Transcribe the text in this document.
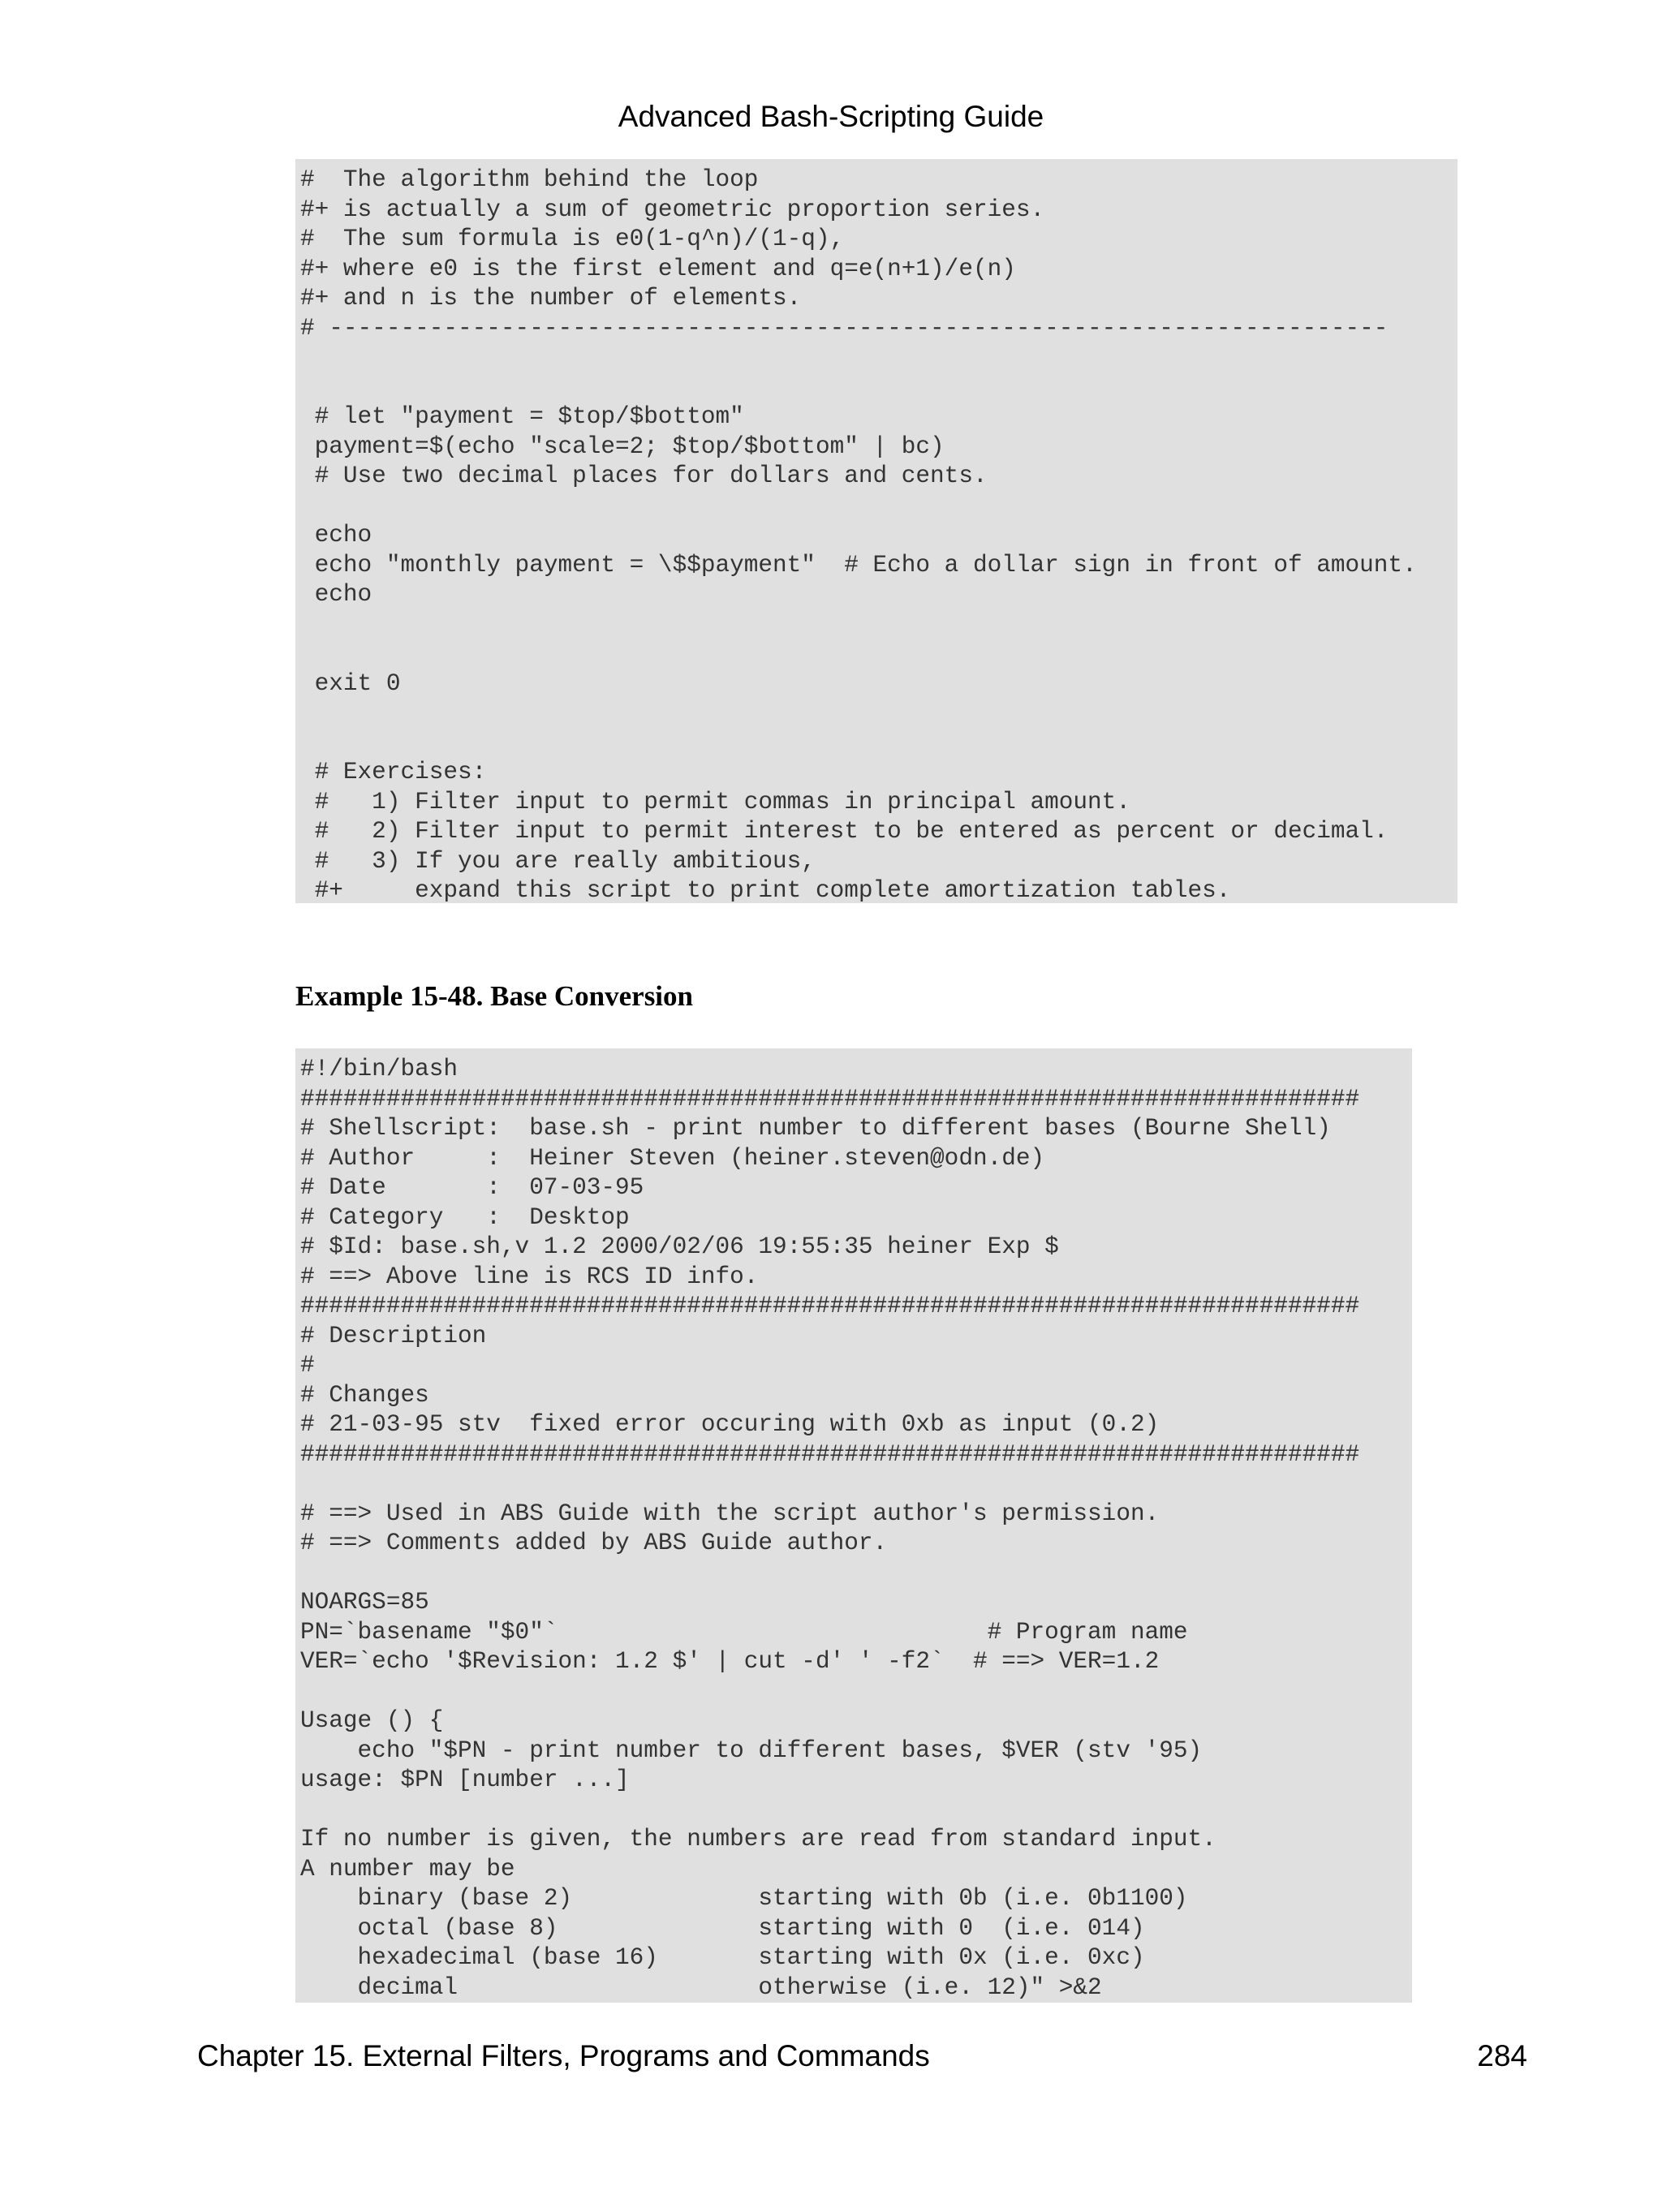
Advanced Bash-Scripting Guide
#  The algorithm behind the loop
#+ is actually a sum of geometric proportion series.
#  The sum formula is e0(1-q^n)/(1-q),
#+ where e0 is the first element and q=e(n+1)/e(n)
#+ and n is the number of elements.
# --------------------------------------------------------------------------

# let "payment = $top/$bottom"
payment=$(echo "scale=2; $top/$bottom" | bc)
# Use two decimal places for dollars and cents.

echo
echo "monthly payment = \$$payment"  # Echo a dollar sign in front of amount.
echo

exit 0

# Exercises:
#   1) Filter input to permit commas in principal amount.
#   2) Filter input to permit interest to be entered as percent or decimal.
#   3) If you are really ambitious,
#+     expand this script to print complete amortization tables.
Example 15-48. Base Conversion
#!/bin/bash
##########################################################################
# Shellscript:  base.sh - print number to different bases (Bourne Shell)
# Author     :  Heiner Steven (heiner.steven@odn.de)
# Date       :  07-03-95
# Category   :  Desktop
# $Id: base.sh,v 1.2 2000/02/06 19:55:35 heiner Exp $
# ==> Above line is RCS ID info.
##########################################################################
# Description
#
# Changes
# 21-03-95 stv  fixed error occuring with 0xb as input (0.2)
##########################################################################

# ==> Used in ABS Guide with the script author's permission.
# ==> Comments added by ABS Guide author.

NOARGS=85
PN=`basename "$0"`                              # Program name
VER=`echo '$Revision: 1.2 $' | cut -d' ' -f2`  # ==> VER=1.2

Usage () {
echo "$PN - print number to different bases, $VER (stv '95)
usage: $PN [number ...]

If no number is given, the numbers are read from standard input.
A number may be
binary (base 2)             starting with 0b (i.e. 0b1100)
octal (base 8)              starting with 0  (i.e. 014)
hexadecimal (base 16)       starting with 0x (i.e. 0xc)
decimal                     otherwise (i.e. 12)" >&2
Chapter 15. External Filters, Programs and Commands	284
